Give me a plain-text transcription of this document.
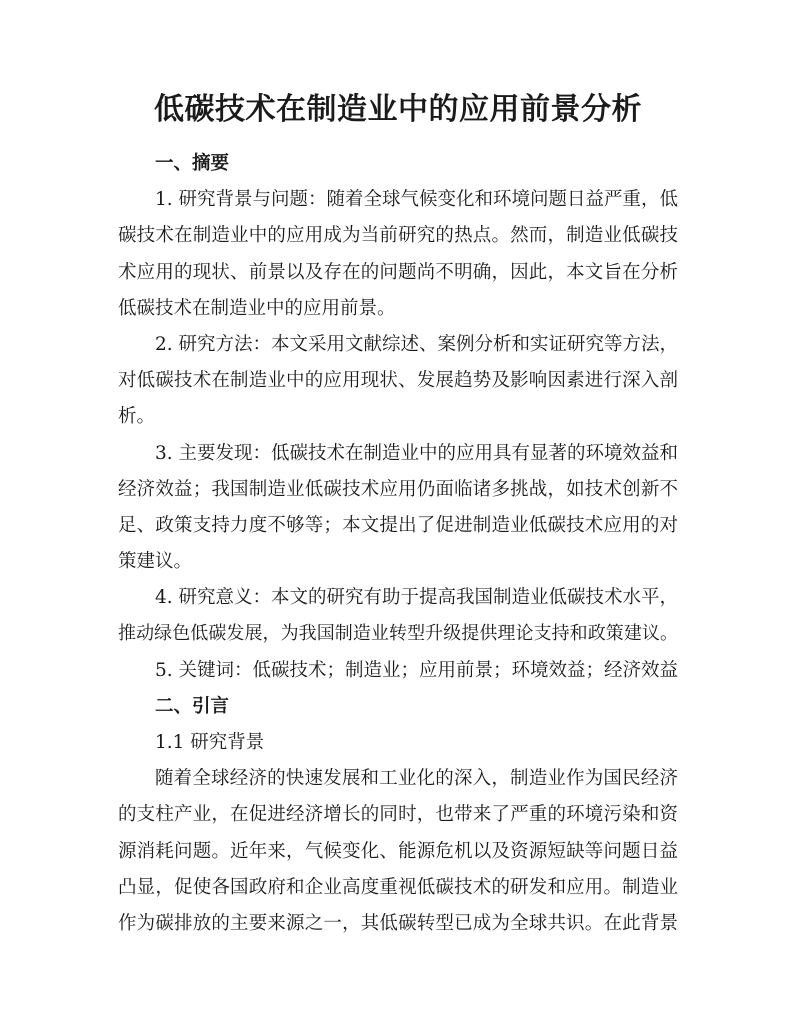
低碳技术在制造业中的应用前景分析
一、摘要
1. 研究背景与问题：随着全球气候变化和环境问题日益严重，低
碳技术在制造业中的应用成为当前研究的热点。然而，制造业低碳技
术应用的现状、前景以及存在的问题尚不明确，因此，本文旨在分析
低碳技术在制造业中的应用前景。
2. 研究方法：本文采用文献综述、案例分析和实证研究等方法，
对低碳技术在制造业中的应用现状、发展趋势及影响因素进行深入剖
析。
3. 主要发现：低碳技术在制造业中的应用具有显著的环境效益和
经济效益；我国制造业低碳技术应用仍面临诸多挑战，如技术创新不
足、政策支持力度不够等；本文提出了促进制造业低碳技术应用的对
策建议。
4. 研究意义：本文的研究有助于提高我国制造业低碳技术水平，
推动绿色低碳发展，为我国制造业转型升级提供理论支持和政策建议。
5. 关键词：低碳技术；制造业；应用前景；环境效益；经济效益
二、引言
1.1 研究背景
随着全球经济的快速发展和工业化的深入，制造业作为国民经济
的支柱产业，在促进经济增长的同时，也带来了严重的环境污染和资
源消耗问题。近年来，气候变化、能源危机以及资源短缺等问题日益
凸显，促使各国政府和企业高度重视低碳技术的研发和应用。制造业
作为碳排放的主要来源之一，其低碳转型已成为全球共识。在此背景
